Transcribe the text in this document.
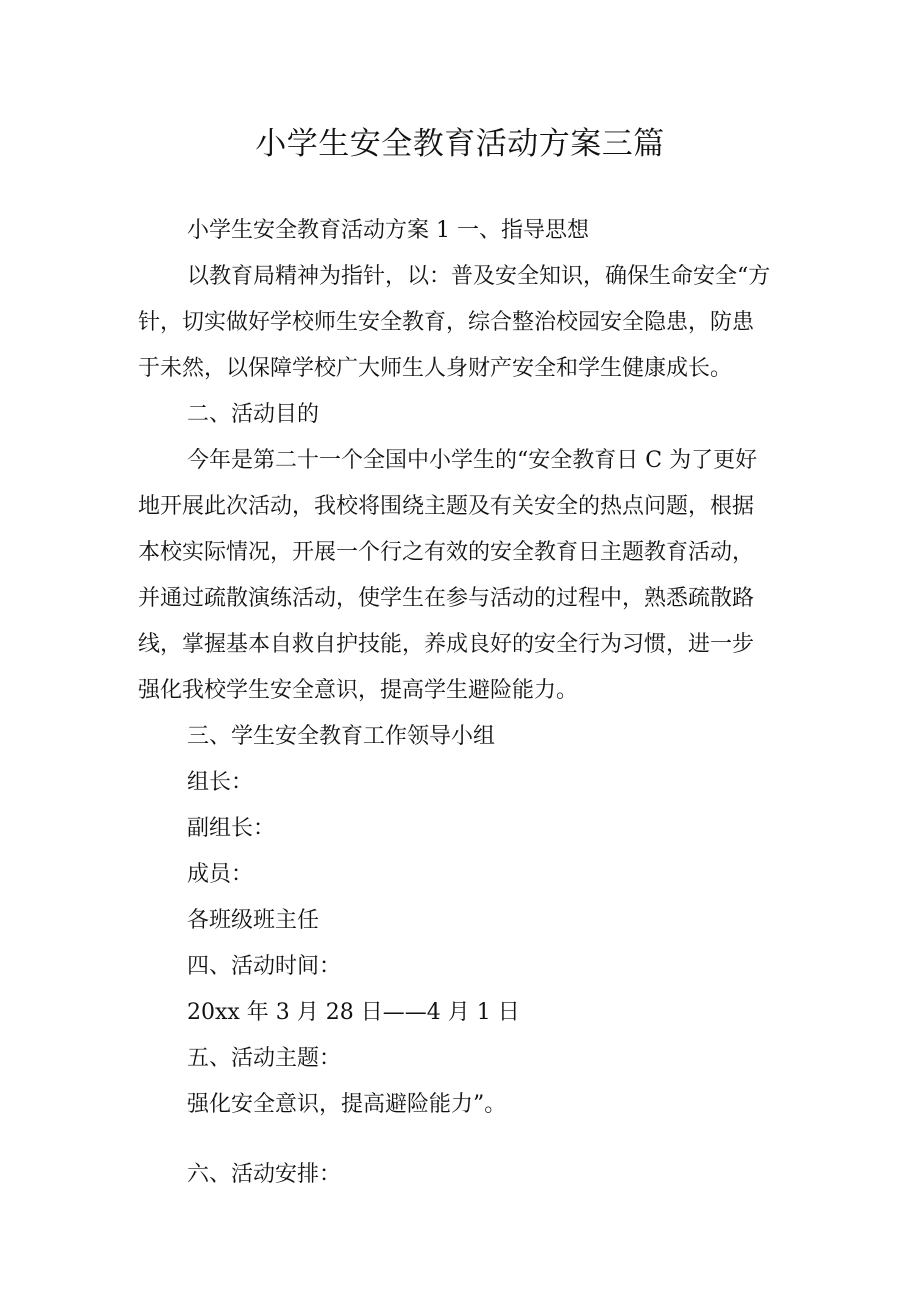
小学生安全教育活动方案三篇

小学生安全教育活动方案 1 一、指导思想

以教育局精神为指针，以：普及安全知识，确保生命安全“方
针，切实做好学校师生安全教育，综合整治校园安全隐患，防患
于未然，以保障学校广大师生人身财产安全和学生健康成长。

二、活动目的

今年是第二十一个全国中小学生的“安全教育日 C 为了更好
地开展此次活动，我校将围绕主题及有关安全的热点问题，根据
本校实际情况，开展一个行之有效的安全教育日主题教育活动，
并通过疏散演练活动，使学生在参与活动的过程中，熟悉疏散路
线，掌握基本自救自护技能，养成良好的安全行为习惯，进一步
强化我校学生安全意识，提高学生避险能力。

三、学生安全教育工作领导小组

组长：

副组长：

成员：

各班级班主任

四、活动时间：

20xx 年 3 月 28 日——4 月 1 日

五、活动主题：

强化安全意识，提高避险能力”。

六、活动安排：
